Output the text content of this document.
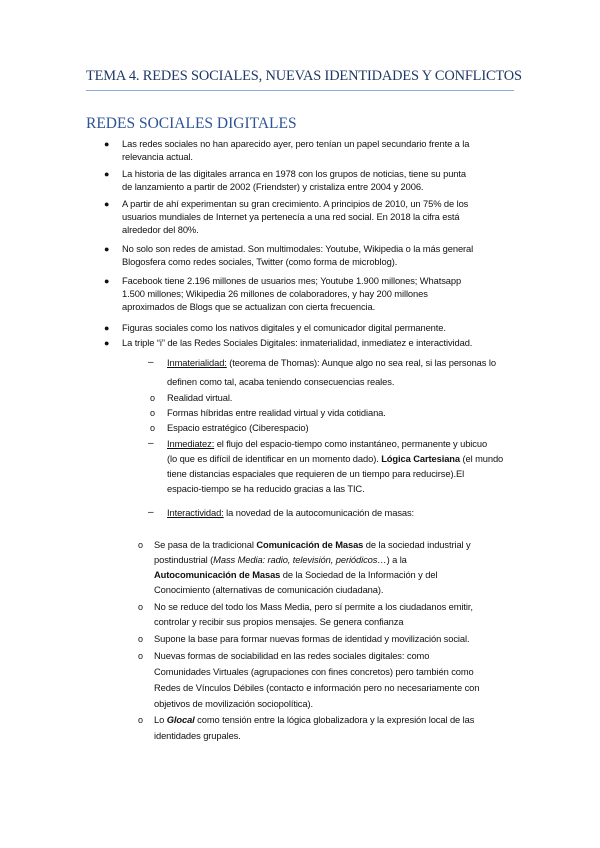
TEMA 4. REDES SOCIALES, NUEVAS IDENTIDADES Y CONFLICTOS
REDES SOCIALES DIGITALES
● Las redes sociales no han aparecido ayer, pero tenían un papel secundario frente a la
relevancia actual.
● La historia de las digitales arranca en 1978 con los grupos de noticias, tiene su punta
de lanzamiento a partir de 2002 (Friendster) y cristaliza entre 2004 y 2006.
● A partir de ahí experimentan su gran crecimiento. A principios de 2010, un 75% de los
usuarios mundiales de Internet ya pertenecía a una red social. En 2018 la cifra está
alrededor del 80%.
● No solo son redes de amistad. Son multimodales: Youtube, Wikipedia o la más general
Blogosfera como redes sociales, Twitter (como forma de microblog).
● Facebook tiene 2.196 millones de usuarios mes; Youtube 1.900 millones; Whatsapp
1.500 millones; Wikipedia 26 millones de colaboradores, y hay 200 millones
aproximados de Blogs que se actualizan con cierta frecuencia.
● Figuras sociales como los nativos digitales y el comunicador digital permanente.
● La triple “i” de las Redes Sociales Digitales: inmaterialidad, inmediatez e interactividad.
– Inmaterialidad: (teorema de Thomas): Aunque algo no sea real, si las personas lo
definen como tal, acaba teniendo consecuencias reales.
o Realidad virtual.
o Formas híbridas entre realidad virtual y vida cotidiana.
o Espacio estratégico (Ciberespacio)
– Inmediatez: el flujo del espacio-tiempo como instantáneo, permanente y ubicuo
(lo que es difícil de identificar en un momento dado). Lógica Cartesiana (el mundo
tiene distancias espaciales que requieren de un tiempo para reducirse).El
espacio-tiempo se ha reducido gracias a las TIC.
– Interactividad: la novedad de la autocomunicación de masas:
o Se pasa de la tradicional Comunicación de Masas de la sociedad industrial y
postindustrial (Mass Media: radio, televisión, periódicos…) a la
Autocomunicación de Masas de la Sociedad de la Información y del
Conocimiento (alternativas de comunicación ciudadana).
o No se reduce del todo los Mass Media, pero sí permite a los ciudadanos emitir,
controlar y recibir sus propios mensajes. Se genera confianza
o Supone la base para formar nuevas formas de identidad y movilización social.
o Nuevas formas de sociabilidad en las redes sociales digitales: como
Comunidades Virtuales (agrupaciones con fines concretos) pero también como
Redes de Vínculos Débiles (contacto e información pero no necesariamente con
objetivos de movilización sociopolítica).
o Lo Glocal como tensión entre la lógica globalizadora y la expresión local de las
identidades grupales.
